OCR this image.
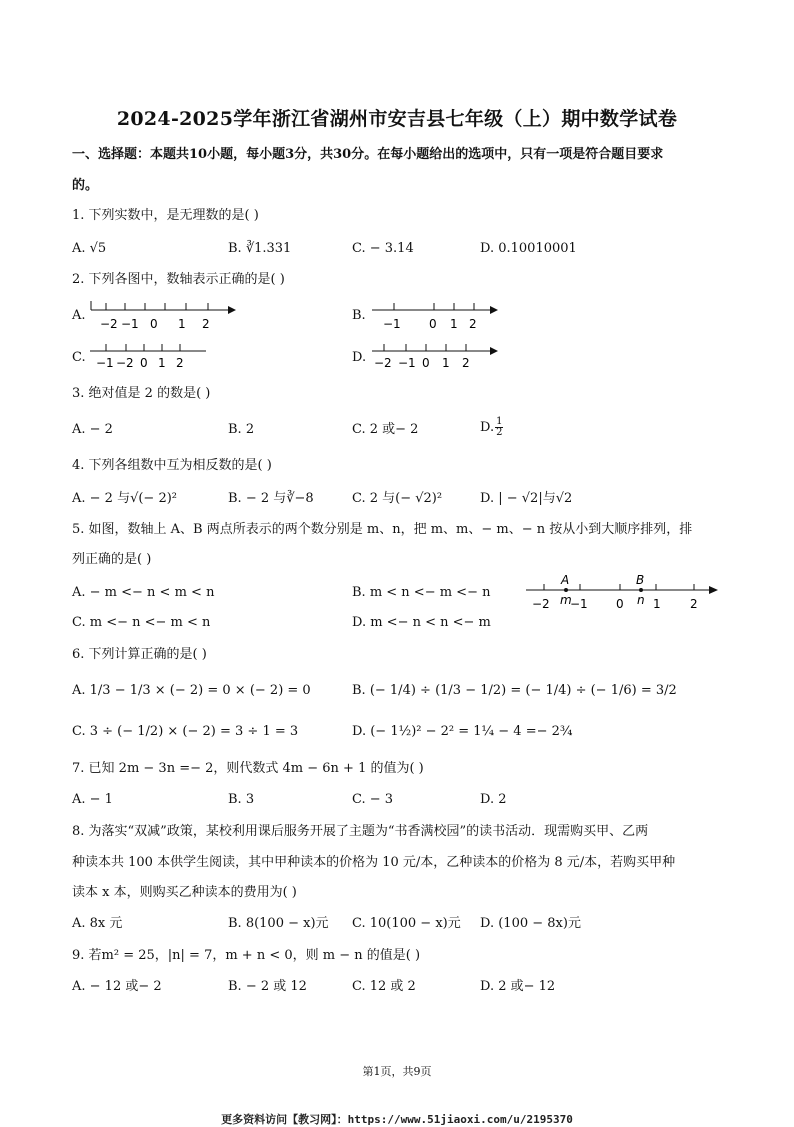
2024-2025学年浙江省湖州市安吉县七年级（上）期中数学试卷
一、选择题：本题共10小题，每小题3分，共30分。在每小题给出的选项中，只有一项是符合题目要求
的。
1. 下列实数中，是无理数的是( )
A. √5	B. ∛1.331	C. − 3.14	D. 0.10010001
2. 下列各图中，数轴表示正确的是( )
A.	B.
C.	D.
−2 −1 0 1 2	−1 0 1 2
−1 −2 0 1 2	−2 −1 0 1 2
3. 绝对值是 2 的数是( )
A. − 2	B. 2	C. 2 或− 2	D. $\frac{1}{2}$
4. 下列各组数中互为相反数的是( )
A. − 2 与√(− 2)²	B. − 2 与∛−8	C. 2 与(− √2)²	D. | − √2|与√2
5. 如图，数轴上 A、B 两点所表示的两个数分别是 m、n，把 m、m、− m、− n 按从小到大顺序排列，排
列正确的是( )
A. − m <− n < m < n	B. m < n <− m <− n
C. m <− n <− m < n	D. m <− n < n <− m
A	B
m	n
−2 −1 0 1 2
6. 下列计算正确的是( )
A. 1/3 − 1/3 × (− 2) = 0 × (− 2) = 0	B. (− 1/4) ÷ (1/3 − 1/2) = (− 1/4) ÷ (− 1/6) = 3/2
C. 3 ÷ (− 1/2) × (− 2) = 3 ÷ 1 = 3	D. (− 1½)² − 2² = 1¼ − 4 =− 2¾
7. 已知 2m − 3n =− 2，则代数式 4m − 6n + 1 的值为( )
A. − 1	B. 3	C. − 3	D. 2
8. 为落实“双减”政策，某校利用课后服务开展了主题为“书香满校园”的读书活动．现需购买甲、乙两
种读本共 100 本供学生阅读，其中甲种读本的价格为 10 元/本，乙种读本的价格为 8 元/本，若购买甲种
读本 x 本，则购买乙种读本的费用为( )
A. 8x 元	B. 8(100 − x)元 C. 10(100 − x)元 D. (100 − 8x)元
9. 若m² = 25，|n| = 7，m + n < 0，则 m − n 的值是( )
A. − 12 或− 2	B. − 2 或 12	C. 12 或 2	D. 2 或− 12
第1页，共9页
更多资料访问【教习网】：https://www.51jiaoxi.com/u/2195370
